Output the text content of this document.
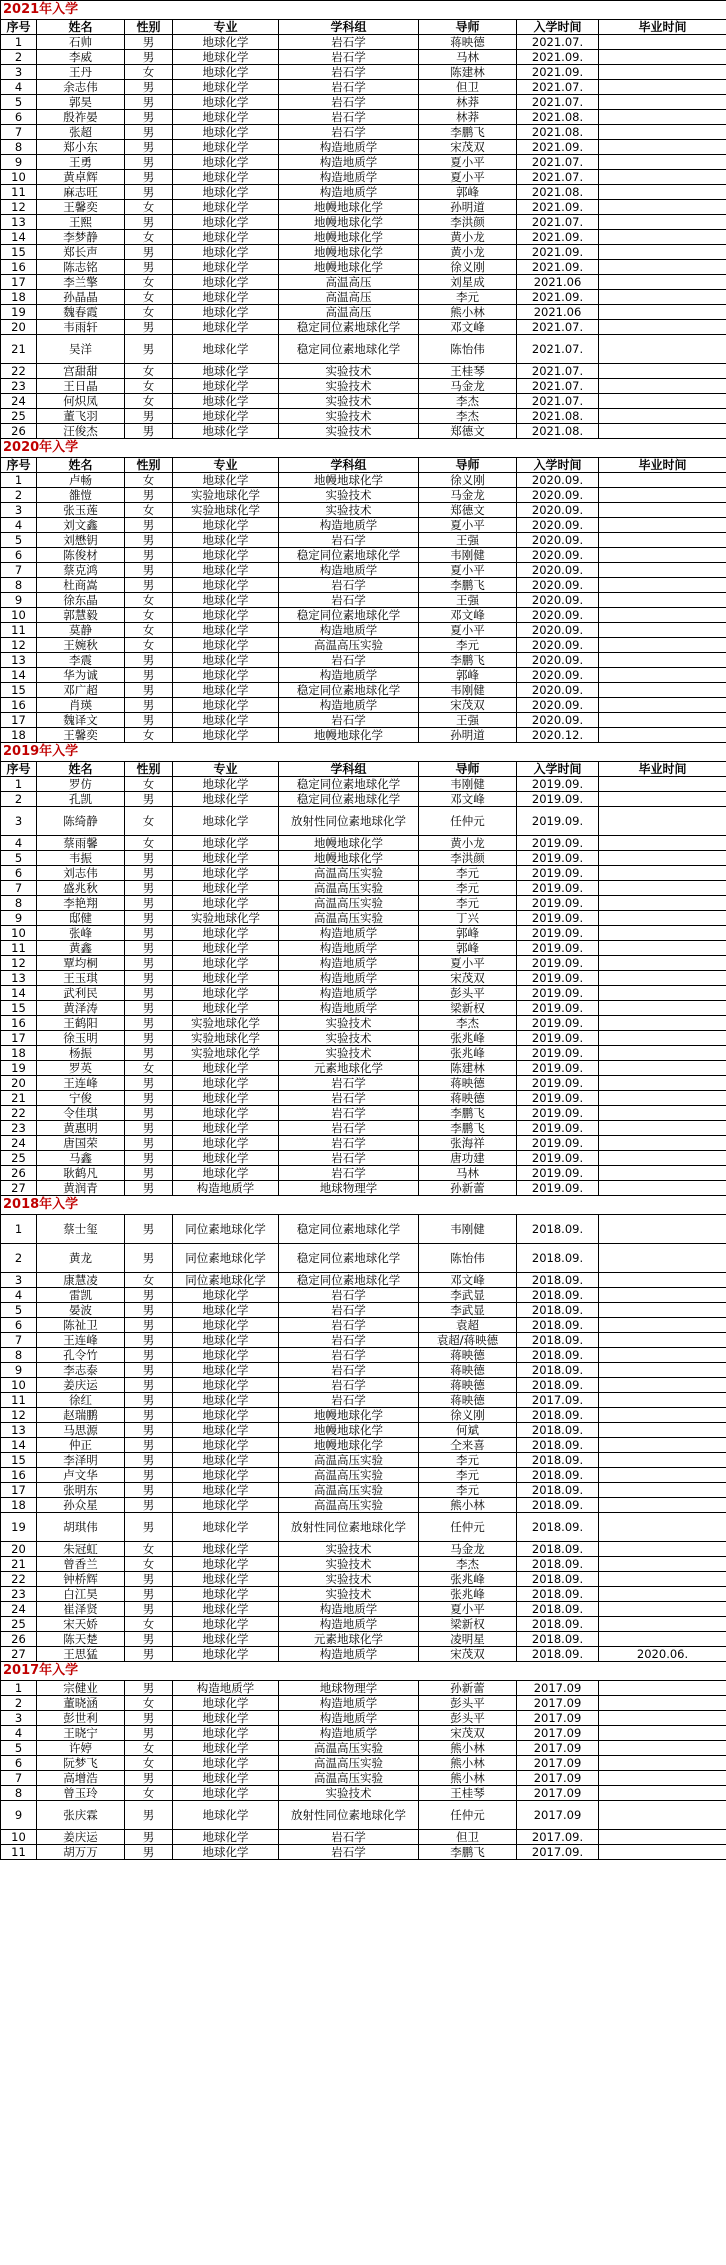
2021年入学							
序号	姓名	性别	专业	学科组	导师	入学时间	毕业时间
1	石帅	男	地球化学	岩石学	蒋映德	2021.07.	
2	李威	男	地球化学	岩石学	马林	2021.09.	
3	王丹	女	地球化学	岩石学	陈建林	2021.09.	
4	余志伟	男	地球化学	岩石学	但卫	2021.07.	
5	郭昊	男	地球化学	岩石学	林莽	2021.07.	
6	殷祚晏	男	地球化学	岩石学	林莽	2021.08.	
7	张超	男	地球化学	岩石学	李鹏飞	2021.08.	
8	郑小东	男	地球化学	构造地质学	宋茂双	2021.09.	
9	王勇	男	地球化学	构造地质学	夏小平	2021.07.	
10	黄卓辉	男	地球化学	构造地质学	夏小平	2021.07.	
11	麻志旺	男	地球化学	构造地质学	郭峰	2021.08.	
12	王馨奕	女	地球化学	地幔地球化学	孙明道	2021.09.	
13	王熙	男	地球化学	地幔地球化学	李洪颜	2021.07.	
14	李梦静	女	地球化学	地幔地球化学	黄小龙	2021.09.	
15	郑长声	男	地球化学	地幔地球化学	黄小龙	2021.09.	
16	陈志铭	男	地球化学	地幔地球化学	徐义刚	2021.09.	
17	李兰擎	女	地球化学	高温高压	刘星成	2021.06	
18	孙晶晶	女	地球化学	高温高压	李元	2021.09.	
19	魏春霞	女	地球化学	高温高压	熊小林	2021.06	
20	韦雨轩	男	地球化学	稳定同位素地球化学	邓文峰	2021.07.	
21	吴洋	男	地球化学	稳定同位素地球化学	陈怡伟	2021.07.	
22	宫甜甜	女	地球化学	实验技术	王桂琴	2021.07.	
23	王日晶	女	地球化学	实验技术	马金龙	2021.07.	
24	何炽凤	女	地球化学	实验技术	李杰	2021.07.	
25	董飞羽	男	地球化学	实验技术	李杰	2021.08.	
26	汪俊杰	男	地球化学	实验技术	郑德文	2021.08.	
2020年入学							
序号	姓名	性别	专业	学科组	导师	入学时间	毕业时间
1	卢畅	女	地球化学	地幔地球化学	徐义刚	2020.09.	
2	雒愷	男	实验地球化学	实验技术	马金龙	2020.09.	
3	张玉莲	女	实验地球化学	实验技术	郑德文	2020.09.	
4	刘文鑫	男	地球化学	构造地质学	夏小平	2020.09.	
5	刘懋钥	男	地球化学	岩石学	王强	2020.09.	
6	陈俊材	男	地球化学	稳定同位素地球化学	韦刚健	2020.09.	
7	蔡克鸿	男	地球化学	构造地质学	夏小平	2020.09.	
8	杜商嵩	男	地球化学	岩石学	李鹏飞	2020.09.	
9	徐东晶	女	地球化学	岩石学	王强	2020.09.	
10	郭慧毅	女	地球化学	稳定同位素地球化学	邓文峰	2020.09.	
11	莫静	女	地球化学	构造地质学	夏小平	2020.09.	
12	王婉秋	女	地球化学	高温高压实验	李元	2020.09.	
13	李震	男	地球化学	岩石学	李鹏飞	2020.09.	
14	华为诚	男	地球化学	构造地质学	郭峰	2020.09.	
15	邓广超	男	地球化学	稳定同位素地球化学	韦刚健	2020.09.	
16	肖瑛	男	地球化学	构造地质学	宋茂双	2020.09.	
17	魏译文	男	地球化学	岩石学	王强	2020.09.	
18	王馨奕	女	地球化学	地幔地球化学	孙明道	2020.12.	
2019年入学							
序号	姓名	性别	专业	学科组	导师	入学时间	毕业时间
1	罗仿	女	地球化学	稳定同位素地球化学	韦刚健	2019.09.	
2	孔凯	男	地球化学	稳定同位素地球化学	邓文峰	2019.09.	
3	陈绮静	女	地球化学	放射性同位素地球化学	任仲元	2019.09.	
4	蔡雨馨	女	地球化学	地幔地球化学	黄小龙	2019.09.	
5	韦振	男	地球化学	地幔地球化学	李洪颜	2019.09.	
6	刘志伟	男	地球化学	高温高压实验	李元	2019.09.	
7	盛兆秋	男	地球化学	高温高压实验	李元	2019.09.	
8	李艳翔	男	地球化学	高温高压实验	李元	2019.09.	
9	邸健	男	实验地球化学	高温高压实验	丁兴	2019.09.	
10	张峰	男	地球化学	构造地质学	郭峰	2019.09.	
11	黄鑫	男	地球化学	构造地质学	郭峰	2019.09.	
12	覃均桐	男	地球化学	构造地质学	夏小平	2019.09.	
13	王玉琪	男	地球化学	构造地质学	宋茂双	2019.09.	
14	武利民	男	地球化学	构造地质学	彭头平	2019.09.	
15	黄泽涛	男	地球化学	构造地质学	梁新权	2019.09.	
16	王鹤阳	男	实验地球化学	实验技术	李杰	2019.09.	
17	徐玉明	男	实验地球化学	实验技术	张兆峰	2019.09.	
18	杨振	男	实验地球化学	实验技术	张兆峰	2019.09.	
19	罗英	女	地球化学	元素地球化学	陈建林	2019.09.	
20	王连峰	男	地球化学	岩石学	蒋映德	2019.09.	
21	宁俊	男	地球化学	岩石学	蒋映德	2019.09.	
22	令佳琪	男	地球化学	岩石学	李鹏飞	2019.09.	
23	黄惠明	男	地球化学	岩石学	李鹏飞	2019.09.	
24	唐国荣	男	地球化学	岩石学	张海祥	2019.09.	
25	马鑫	男	地球化学	岩石学	唐功建	2019.09.	
26	耿鹤凡	男	地球化学	岩石学	马林	2019.09.	
27	黄润青	男	构造地质学	地球物理学	孙新蕾	2019.09.	
2018年入学							
1	蔡士玺	男	同位素地球化学	稳定同位素地球化学	韦刚健	2018.09.	
2	黄龙	男	同位素地球化学	稳定同位素地球化学	陈怡伟	2018.09.	
3	康慧凌	女	同位素地球化学	稳定同位素地球化学	邓文峰	2018.09.	
4	雷凯	男	地球化学	岩石学	李武显	2018.09.	
5	晏波	男	地球化学	岩石学	李武显	2018.09.	
6	陈祉卫	男	地球化学	岩石学	袁超	2018.09.	
7	王连峰	男	地球化学	岩石学	袁超/蒋映德	2018.09.	
8	孔令竹	男	地球化学	岩石学	蒋映德	2018.09.	
9	李志泰	男	地球化学	岩石学	蒋映德	2018.09.	
10	姜庆运	男	地球化学	岩石学	蒋映德	2018.09.	
11	徐红	男	地球化学	岩石学	蒋映德	2017.09.	
12	赵瑞鹏	男	地球化学	地幔地球化学	徐义刚	2018.09.	
13	马思源	男	地球化学	地幔地球化学	何斌	2018.09.	
14	仲正	男	地球化学	地幔地球化学	仝来喜	2018.09.	
15	李泽明	男	地球化学	高温高压实验	李元	2018.09.	
16	卢文华	男	地球化学	高温高压实验	李元	2018.09.	
17	张明东	男	地球化学	高温高压实验	李元	2018.09.	
18	孙众星	男	地球化学	高温高压实验	熊小林	2018.09.	
19	胡琪伟	男	地球化学	放射性同位素地球化学	任仲元	2018.09.	
20	朱冠虹	女	地球化学	实验技术	马金龙	2018.09.	
21	曾香兰	女	地球化学	实验技术	李杰	2018.09.	
22	钟桥辉	男	地球化学	实验技术	张兆峰	2018.09.	
23	白江昊	男	地球化学	实验技术	张兆峰	2018.09.	
24	崔泽贤	男	地球化学	构造地质学	夏小平	2018.09.	
25	宋天娇	女	地球化学	构造地质学	梁新权	2018.09.	
26	陈天楚	男	地球化学	元素地球化学	凌明星	2018.09.	
27	王思猛	男	地球化学	构造地质学	宋茂双	2018.09.	2020.06.
2017年入学							
1	宗健业	男	构造地质学	地球物理学	孙新蕾	2017.09	
2	董晓涵	女	地球化学	构造地质学	彭头平	2017.09	
3	彭世利	男	地球化学	构造地质学	彭头平	2017.09	
4	王晓宁	男	地球化学	构造地质学	宋茂双	2017.09	
5	许婷	女	地球化学	高温高压实验	熊小林	2017.09	
6	阮梦飞	女	地球化学	高温高压实验	熊小林	2017.09	
7	高增浩	男	地球化学	高温高压实验	熊小林	2017.09	
8	曾玉玲	女	地球化学	实验技术	王桂琴	2017.09	
9	张庆霖	男	地球化学	放射性同位素地球化学	任仲元	2017.09	
10	姜庆运	男	地球化学	岩石学	但卫	2017.09.	
11	胡万万	男	地球化学	岩石学	李鹏飞	2017.09.	
